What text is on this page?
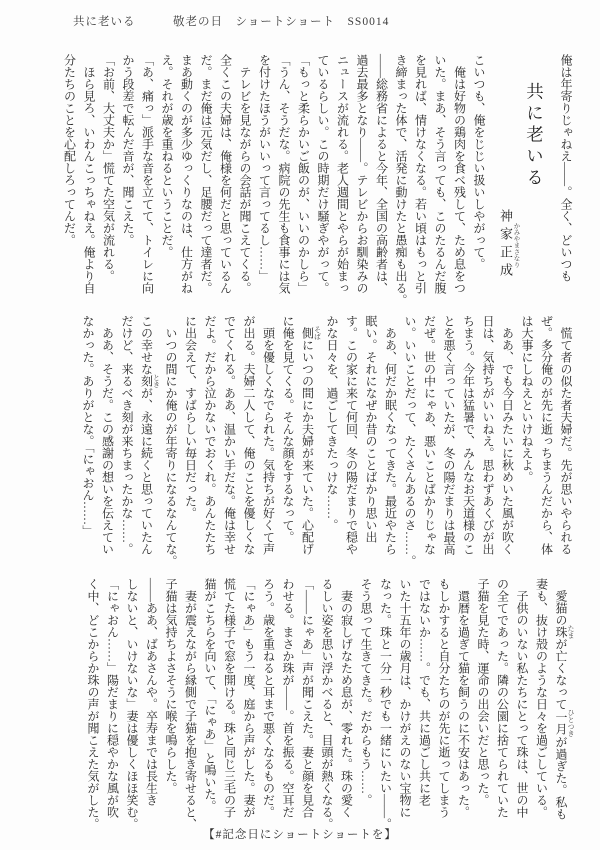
共に老いる　　　敬老の日　ショートショート　SS0014
俺は年寄りじゃねえ――。全く、どいつも
共に老いる
神家正成 かみやまさなり
こいつも、俺をじじい扱いしやがって。
　俺は好物の鶏肉を食べ残して、ため息をつ
いた。まあ、そう言っても、このたるんだ腹
を見れば、情けなくなる。若い頃はもっと引
き締まった体で、活発に動けたと愚痴も出る。
――総務省によると今年、全国の高齢者は、
過去最多となり――。テレビからお馴染みの
ニュースが流れる。老人週間とやらが始まっ
ているらしい。この時期だけ騒ぎやがって。
「もっと柔らかいご飯のが、いいのかしら」
「うん、そうだな。病院の先生も食事には気
を付けたほうがいいって言ってるし……」
　テレビを見ながらの会話が聞こえてくる。
全くこの夫婦は、俺様を何だと思っているん
だ。まだ俺は元気だし、足腰だって達者だ。
まあ動くのが多少ゆっくりなのは、仕方がね
え。それが歳を重ねるということだ。
「あ、痛っ」派手な音を立てて、トイレに向
かう段差で転んだ音が、聞こえた。
「お前、大丈夫か」慌てた空気が流れる。
　ほら見ろ、いわんこっちゃねえ。俺より自
分たちのことを心配しろってんだ。
　慌て者の似た者夫婦だ。先が思いやられる
ぜ。多分俺のが先に逝っちまうんだから、体
は大事にしねえといけねえよ。
　ああ、でも今日みたいに秋めいた風が吹く
日は、気持ちがいいねえ。思わずあくびが出
ちまう。今年は猛暑で、みんなお天道様のこ
とを悪く言っていたが、冬の陽だまりは最高
だぜ。世の中にゃあ、悪いことばかりじゃな
い。いいことだって、たくさんあるのさ……。
　ああ、何だか眠くなってきた。最近やたら
眠い。それになぜか昔のことばかり思い出
す。この家に来て何回、冬の陽だまりで穏や
かな日々を、過ごしてきたっけな……。
　側 そばにいつの間にか夫婦が来ていた。心配げ
に俺を見てくる。そんな顔をするなって。
　頭を優しくなでられた。気持ちが好くて声
が出る。夫婦二人して、俺のことを優しくな
でてくれる。ああ、温かい手だな。俺は幸せ
だよ。だから泣かないでおくれ。あんたたち
に出会えて、すばらしい毎日だった。
　いつの間にか俺のが年寄りになるなんてな。
この幸せな刻 ときが、永遠に続くと思っていたん
だけど、来るべき刻が来ちまったかな……。
　ああ、そうだ。この感謝の想いを伝えてい
なかった。ありがとな。「にゃおん……」
　愛猫の珠 たまが亡くなって一月 ひとつきが過ぎた。私も
妻も、抜け殻のような日々を過ごしている。
　子供のいない私たちにとって珠は、世の中
の全てであった。隣の公園に捨てられていた
子猫を見た時、運命の出会いだと思った。
　還暦を過ぎて猫を飼うのに不安はあった。
もしかすると自分たちのが先に逝ってしまう
ではないか……。でも、共に過ごし共に老
いた十五年の歳月は、かけがえのない宝物に
なった。珠と一分一秒でも一緒にいたい――。
そう思って生きてきた。だからもう……。
　妻の寂しげなため息が、零れた。珠の愛く
るしい姿を思い浮かべると、目頭が熱くなる。
「――にゃあ」声が聞こえた。妻と顔を見合
わせる。まさか珠が――。首を振る。空耳だ
ろう。歳を重ねると耳まで悪くなるものだ。
「にゃあ」もう一度、庭から声がした。妻が
慌てた様子で窓を開ける。珠と同じ三毛の子
猫がこちらを向いて、「にゃあ」と鳴いた。
　妻が震えながら縁側で子猫を抱き寄せると、
子猫は気持ちよさそうに喉を鳴らした。
――ああ、ばあさんや。卒寿までは長生き
しないと、いけないな」妻は優しくほほ笑む。
「にゃおん……」陽だまりに穏やかな風が吹
く中、どこからか珠の声が聞こえた気がした。
【#記念日にショートショートを】
